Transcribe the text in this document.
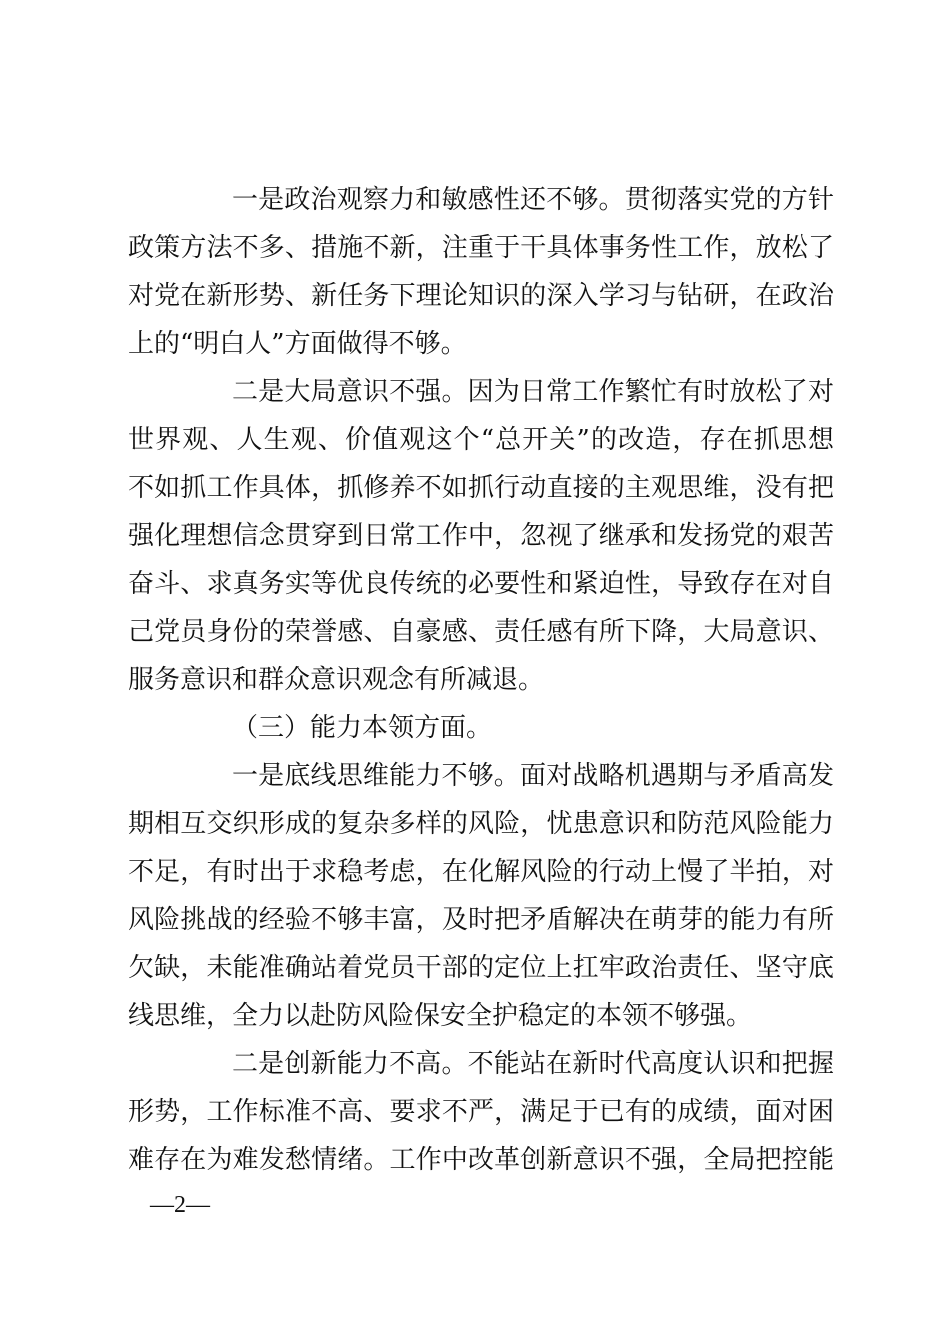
一是政治观察力和敏感性还不够。贯彻落实党的方针
政策方法不多、措施不新，注重于干具体事务性工作，放松了
对党在新形势、新任务下理论知识的深入学习与钻研，在政治
上的“明白人”方面做得不够。
二是大局意识不强。因为日常工作繁忙有时放松了对
世界观、人生观、价值观这个“总开关”的改造，存在抓思想
不如抓工作具体，抓修养不如抓行动直接的主观思维，没有把
强化理想信念贯穿到日常工作中，忽视了继承和发扬党的艰苦
奋斗、求真务实等优良传统的必要性和紧迫性，导致存在对自
己党员身份的荣誉感、自豪感、责任感有所下降，大局意识、
服务意识和群众意识观念有所减退。
（三）能力本领方面。
一是底线思维能力不够。面对战略机遇期与矛盾高发
期相互交织形成的复杂多样的风险，忧患意识和防范风险能力
不足，有时出于求稳考虑，在化解风险的行动上慢了半拍，对
风险挑战的经验不够丰富，及时把矛盾解决在萌芽的能力有所
欠缺，未能准确站着党员干部的定位上扛牢政治责任、坚守底
线思维，全力以赴防风险保安全护稳定的本领不够强。
二是创新能力不高。不能站在新时代高度认识和把握
形势，工作标准不高、要求不严，满足于已有的成绩，面对困
难存在为难发愁情绪。工作中改革创新意识不强，全局把控能
—2—
